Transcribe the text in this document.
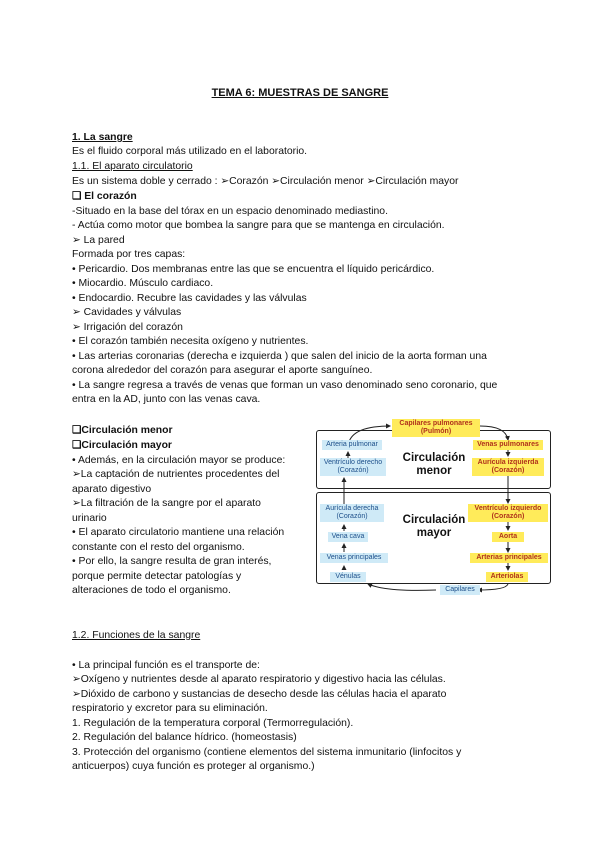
TEMA 6: MUESTRAS DE SANGRE
1. La sangre
Es el fluido corporal más utilizado en el laboratorio.
1.1. El aparato circulatorio
Es un sistema doble y cerrado : ➢Corazón ➢Circulación menor ➢Circulación mayor
❑ El corazón
-Situado en la base del tórax en un espacio denominado mediastino.
- Actúa como motor que bombea la sangre para que se mantenga en circulación.
➢ La pared
Formada por tres capas:
• Pericardio. Dos membranas entre las que se encuentra el líquido pericárdico.
• Miocardio. Músculo cardiaco.
• Endocardio. Recubre las cavidades y las válvulas
➢ Cavidades y válvulas
➢ Irrigación del corazón
• El corazón también necesita oxígeno y nutrientes.
• Las arterias coronarias (derecha e izquierda ) que salen del inicio de la aorta forman una
corona alrededor del corazón para asegurar el aporte sanguíneo.
• La sangre regresa a través de venas que forman un vaso denominado seno coronario, que
entra en la AD, junto con las venas cava.
❑Circulación menor
❑Circulación mayor
• Además, en la circulación mayor se produce:
➢La captación de nutrientes procedentes del
aparato digestivo
➢La filtración de la sangre por el aparato
urinario
• El aparato circulatorio mantiene una relación
constante con el resto del organismo.
• Por ello, la sangre resulta de gran interés,
porque permite detectar patologías y
alteraciones de todo el organismo.
Capilares pulmonares
(Pulmón)
Arteria pulmonar	Venas pulmonares
Ventrículo derecho
(Corazón)
Aurícula izquierda
(Corazón)
Circulación
menor
Aurícula derecha
(Corazón)
Ventrículo izquierdo
(Corazón)
Circulación
mayor
Vena cava	Aorta
Venas principales	Arterias principales
Vénulas	Arteriolas
Capilares
1.2. Funciones de la sangre
• La principal función es el transporte de:
➢Oxígeno y nutrientes desde al aparato respiratorio y digestivo hacia las células.
➢Dióxido de carbono y sustancias de desecho desde las células hacia el aparato
respiratorio y excretor para su eliminación.
1. Regulación de la temperatura corporal (Termorregulación).
2. Regulación del balance hídrico. (homeostasis)
3. Protección del organismo (contiene elementos del sistema inmunitario (linfocitos y
anticuerpos) cuya función es proteger al organismo.)
